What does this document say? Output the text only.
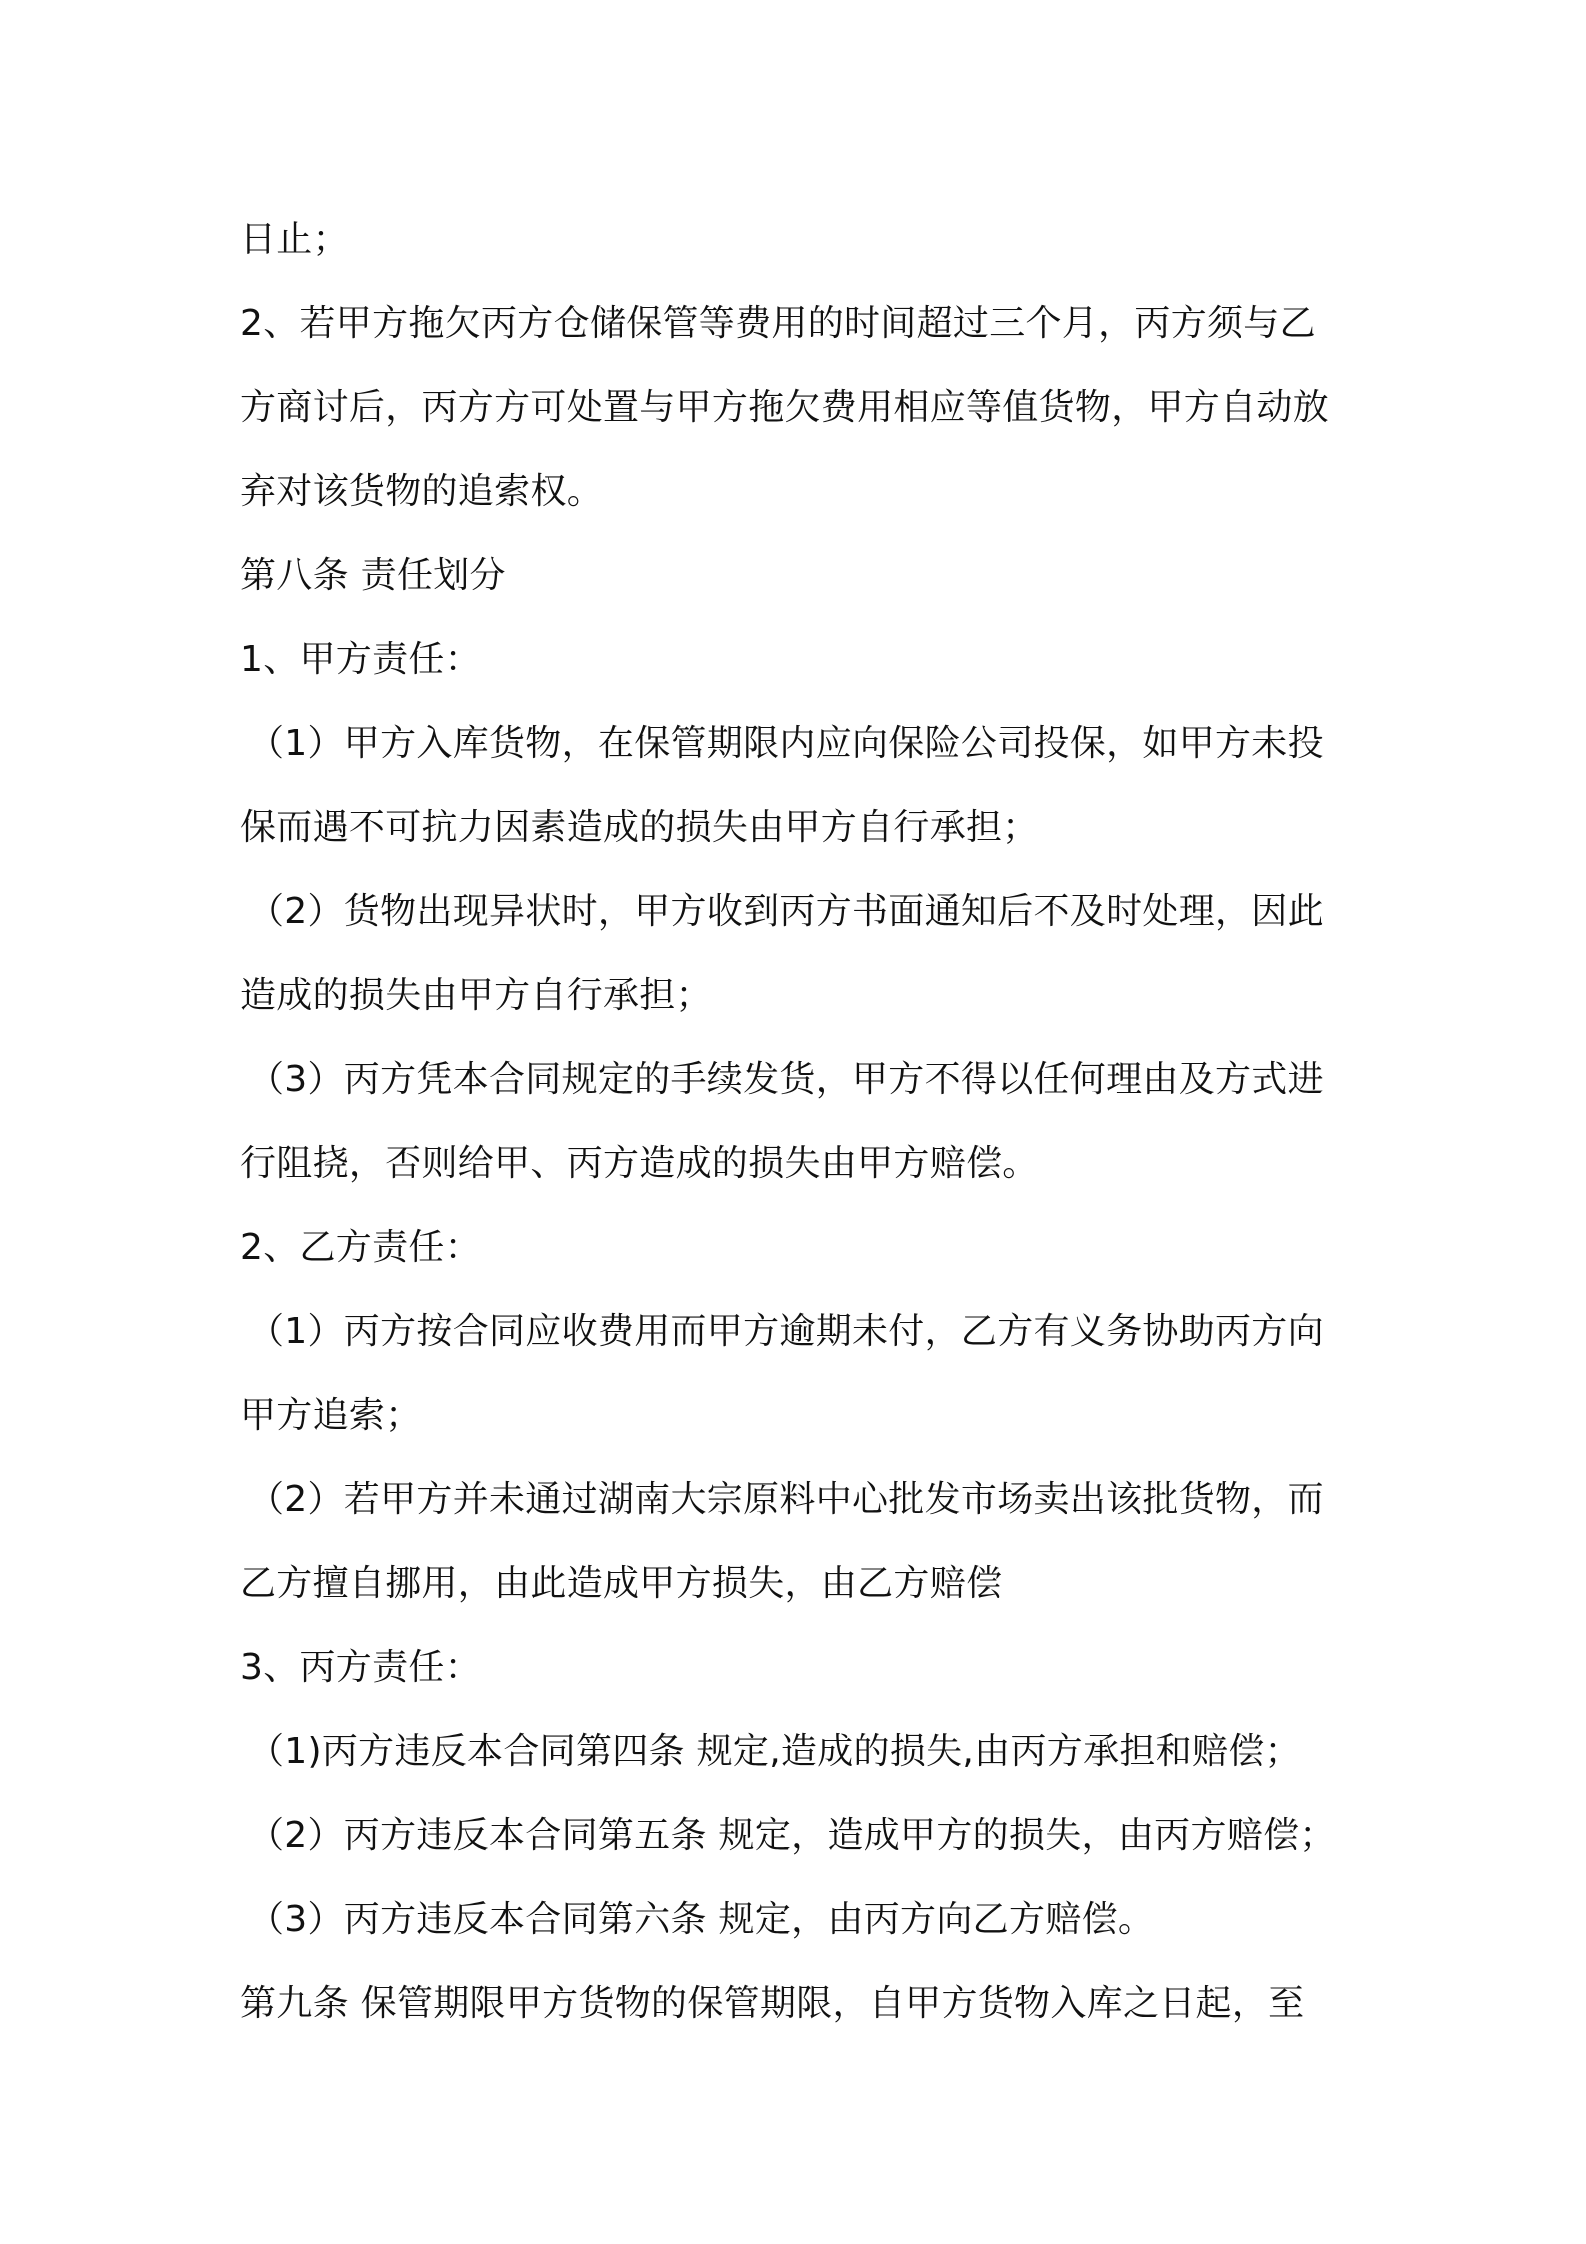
日止；
2、若甲方拖欠丙方仓储保管等费用的时间超过三个月，丙方须与乙
方商讨后，丙方方可处置与甲方拖欠费用相应等值货物，甲方自动放
弃对该货物的追索权。
第八条 责任划分
1、甲方责任：
（1）甲方入库货物，在保管期限内应向保险公司投保，如甲方未投
保而遇不可抗力因素造成的损失由甲方自行承担；
（2）货物出现异状时，甲方收到丙方书面通知后不及时处理，因此
造成的损失由甲方自行承担；
（3）丙方凭本合同规定的手续发货，甲方不得以任何理由及方式进
行阻挠，否则给甲、丙方造成的损失由甲方赔偿。
2、乙方责任：
（1）丙方按合同应收费用而甲方逾期未付，乙方有义务协助丙方向
甲方追索；
（2）若甲方并未通过湖南大宗原料中心批发市场卖出该批货物，而
乙方擅自挪用，由此造成甲方损失，由乙方赔偿
3、丙方责任：
（1)丙方违反本合同第四条 规定,造成的损失,由丙方承担和赔偿；
（2）丙方违反本合同第五条 规定，造成甲方的损失，由丙方赔偿；
（3）丙方违反本合同第六条 规定，由丙方向乙方赔偿。
第九条 保管期限甲方货物的保管期限，自甲方货物入库之日起，至
